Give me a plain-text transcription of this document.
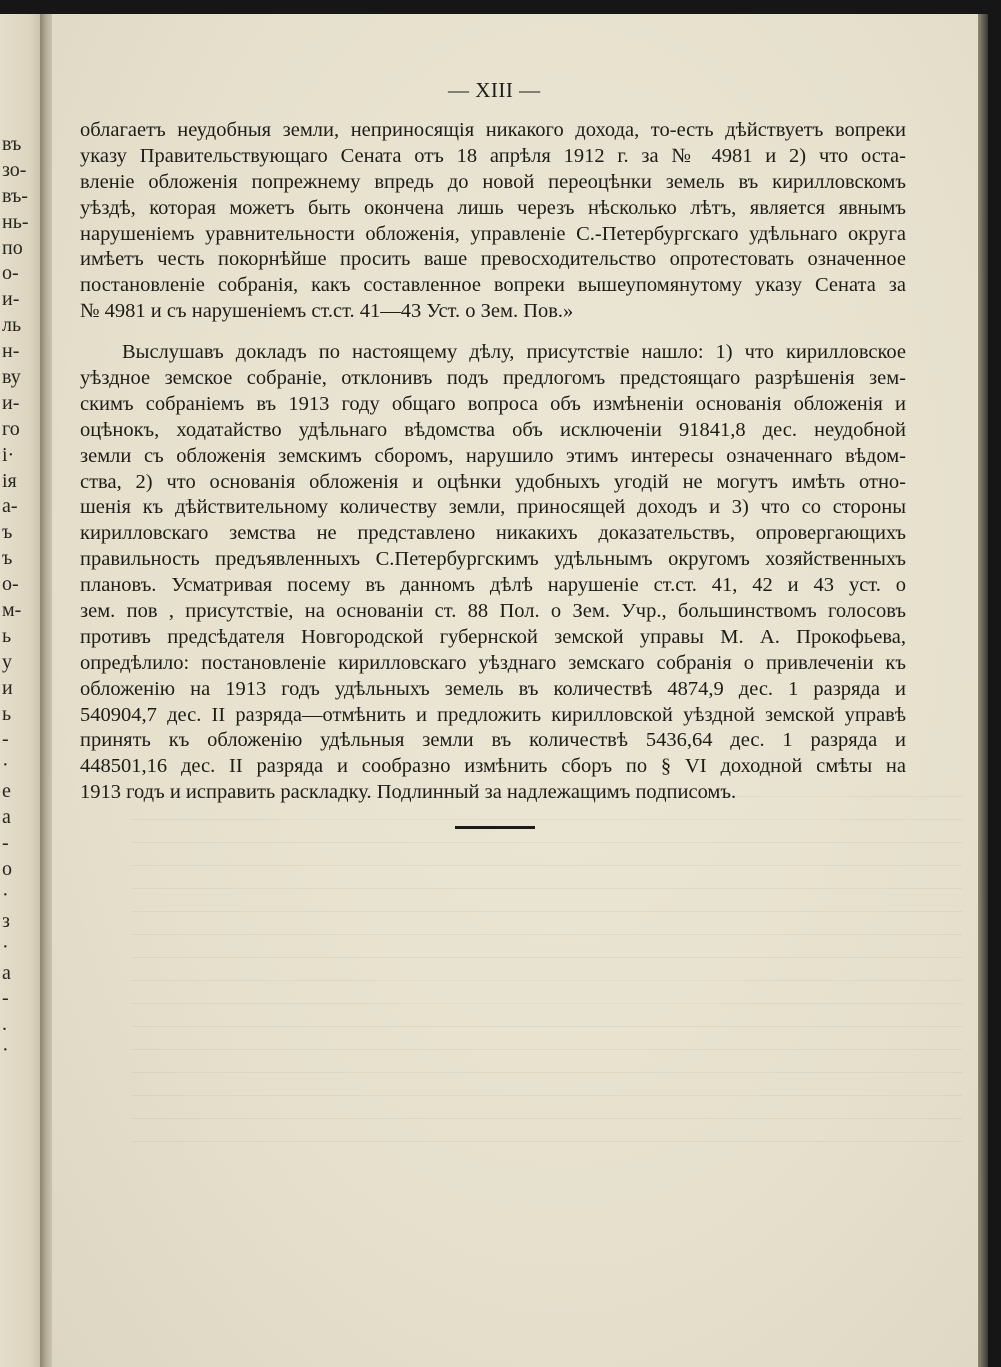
въ
зо-
въ-
нь-
по
о-
и-
ль
н-
ву
и-
го
і·
ія
а-
ъ
ъ
о-
м-
ь
у
и
ь
-
·
е
а
-
о
·
з
·
а
-
.
·
— XIII —
облагаетъ неудобныя земли, неприносящія никакого дохода, то-есть дѣйствуетъ вопреки
указу Правительствующаго Сената отъ 18 апрѣля 1912 г. за № 4981 и 2) что оста-
вленіе обложенія попрежнему впредь до новой переоцѣнки земель въ кирилловскомъ
уѣздѣ, которая можетъ быть окончена лишь черезъ нѣсколько лѣтъ, является явнымъ
нарушеніемъ уравнительности обложенія, управленіе С.-Петербургскаго удѣльнаго округа
имѣетъ честь покорнѣйше просить ваше превосходительство опротестовать означенное
постановленіе собранія, какъ составленное вопреки вышеупомянутому указу Сената за
№ 4981 и съ нарушеніемъ ст.ст. 41—43 Уст. о Зем. Пов.»
Выслушавъ докладъ по настоящему дѣлу, присутствіе нашло: 1) что кирилловское
уѣздное земское собраніе, отклонивъ подъ предлогомъ предстоящаго разрѣшенія зем-
скимъ собраніемъ въ 1913 году общаго вопроса объ измѣненіи основанія обложенія и
оцѣнокъ, ходатайство удѣльнаго вѣдомства объ исключеніи 91841,8 дес. неудобной
земли съ обложенія земскимъ сборомъ, нарушило этимъ интересы означеннаго вѣдом-
ства, 2) что основанія обложенія и оцѣнки удобныхъ угодій не могутъ имѣть отно-
шенія къ дѣйствительному количеству земли, приносящей доходъ и 3) что со стороны
кирилловскаго земства не представлено никакихъ доказательствъ, опровергающихъ
правильность предъявленныхъ С.Петербургскимъ удѣльнымъ округомъ хозяйственныхъ
плановъ. Усматривая посему въ данномъ дѣлѣ нарушеніе ст.ст. 41, 42 и 43 уст. о
зем. пов , присутствіе, на основаніи ст. 88 Пол. о Зем. Учр., большинствомъ голосовъ
противъ предсѣдателя Новгородской губернской земской управы М. А. Прокофьева,
опредѣлило: постановленіе кирилловскаго уѣзднаго земскаго собранія о привлеченіи къ
обложенію на 1913 годъ удѣльныхъ земель въ количествѣ 4874,9 дес. 1 разряда и
540904,7 дес. II разряда—отмѣнить и предложить кирилловской уѣздной земской управѣ
принять къ обложенію удѣльныя земли въ количествѣ 5436,64 дес. 1 разряда и
448501,16 дес. II разряда и сообразно измѣнить сборъ по § VI доходной смѣты на
1913 годъ и исправить раскладку. Подлинный за надлежащимъ подписомъ.
